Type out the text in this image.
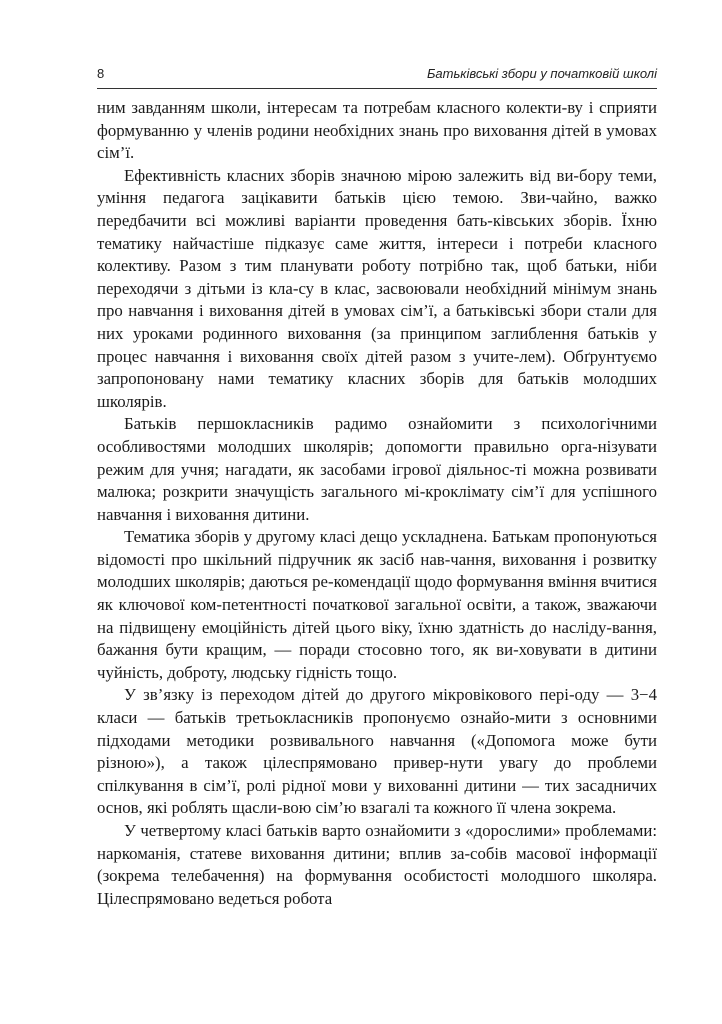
8	Батьківські збори у початковій школі

ним завданням школи, інтересам та потребам класного колекти-ву і сприяти формуванню у членів родини необхідних знань про виховання дітей в умовах сім’ї.

Ефективність класних зборів значною мірою залежить від ви-бору теми, уміння педагога зацікавити батьків цією темою. Зви-чайно, важко передбачити всі можливі варіанти проведення бать-ківських зборів. Їхню тематику найчастіше підказує саме життя, інтереси і потреби класного колективу. Разом з тим планувати роботу потрібно так, щоб батьки, ніби переходячи з дітьми із кла-су в клас, засвоювали необхідний мінімум знань про навчання і виховання дітей в умовах сім’ї, а батьківські збори стали для них уроками родинного виховання (за принципом заглиблення батьків у процес навчання і виховання своїх дітей разом з учите-лем). Обґрунтуємо запропоновану нами тематику класних зборів для батьків молодших школярів.

Батьків першокласників радимо ознайомити з психологічними особливостями молодших школярів; допомогти правильно орга-нізувати режим для учня; нагадати, як засобами ігрової діяльнос-ті можна розвивати малюка; розкрити значущість загального мі-кроклімату сім’ї для успішного навчання і виховання дитини.

Тематика зборів у другому класі дещо ускладнена. Батькам пропонуються відомості про шкільний підручник як засіб нав-чання, виховання і розвитку молодших школярів; даються ре-комендації щодо формування вміння вчитися як ключової ком-петентності початкової загальної освіти, а також, зважаючи на підвищену емоційність дітей цього віку, їхню здатність до насліду-вання, бажання бути кращим, — поради стосовно того, як ви-ховувати в дитини чуйність, доброту, людську гідність тощо.

У зв’язку із переходом дітей до другого мікровікового пері-оду — 3−4 класи — батьків третьокласників пропонуємо ознайо-мити з основними підходами методики розвивального навчання («Допомога може бути різною»), а також цілеспрямовано привер-нути увагу до проблеми спілкування в сім’ї, ролі рідної мови у вихованні дитини — тих засадничих основ, які роблять щасли-вою сім’ю взагалі та кожного її члена зокрема.

У четвертому класі батьків варто ознайомити з «дорослими» проблемами: наркоманія, статеве виховання дитини; вплив за-собів масової інформації (зокрема телебачення) на формування особистості молодшого школяра. Цілеспрямовано ведеться робота
